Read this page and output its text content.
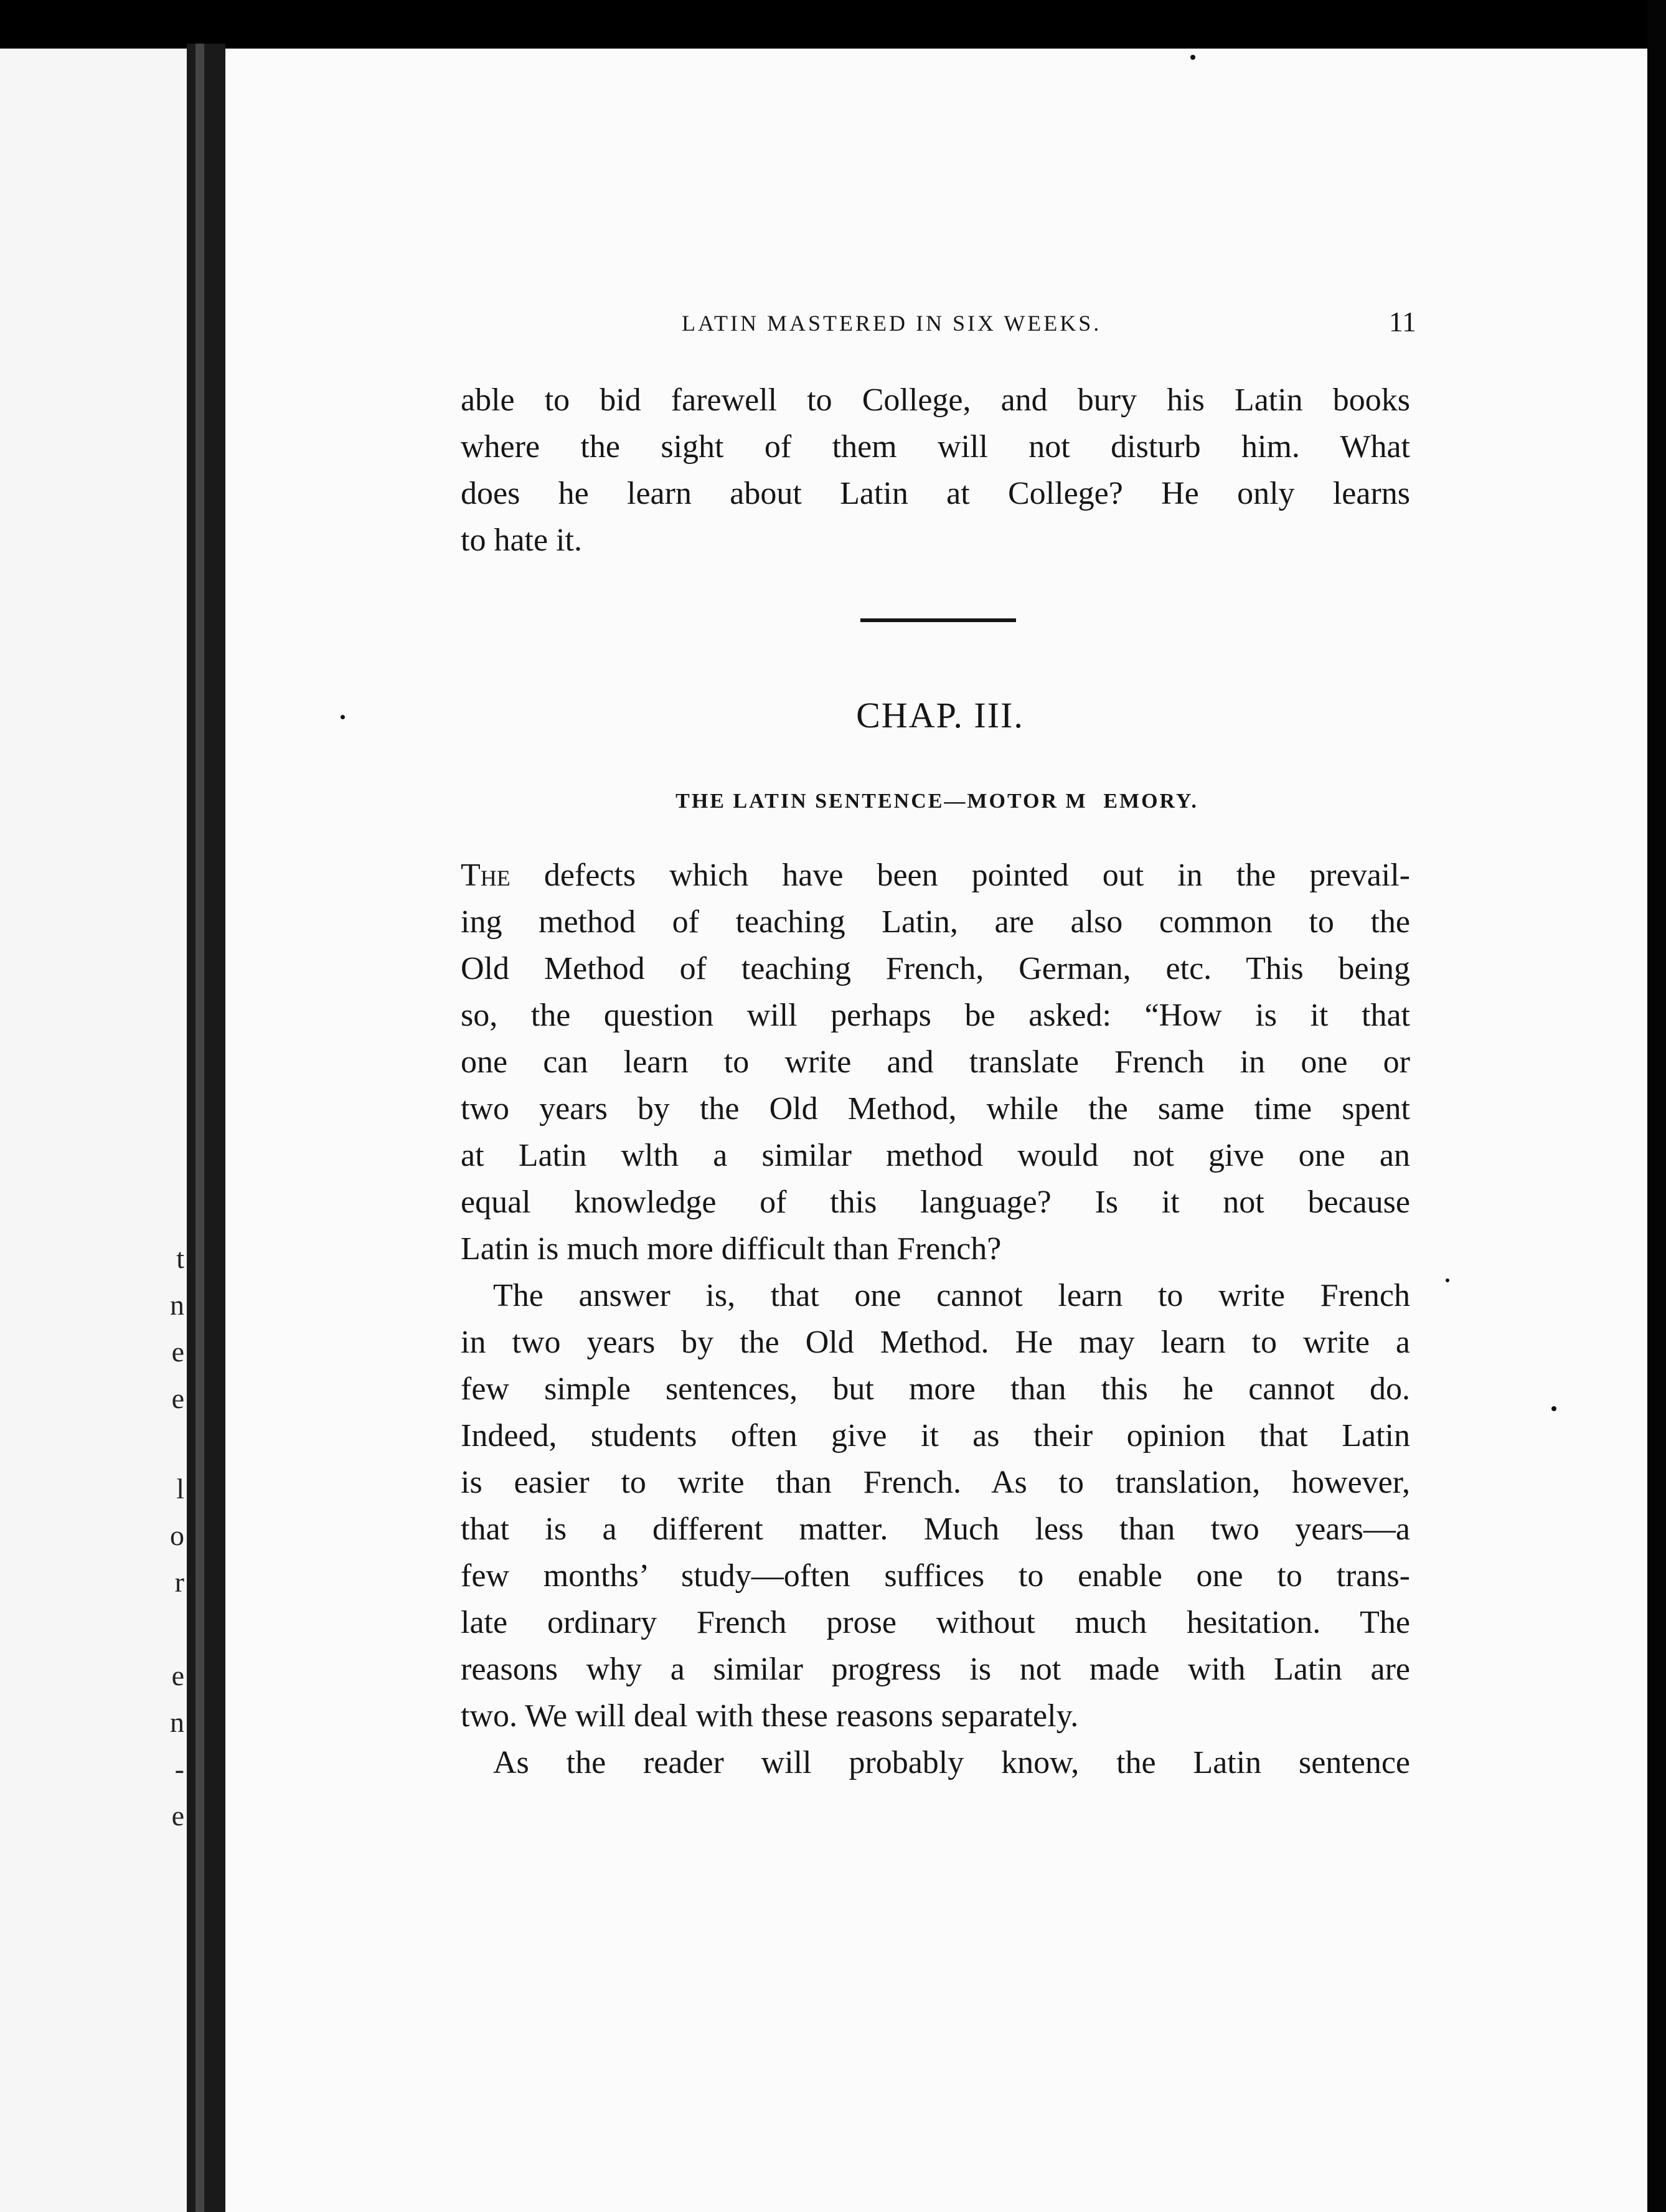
t
n
e
e
l
o
r
e
n
-
e
LATIN MASTERED IN SIX WEEKS.	11
able to bid farewell to College, and bury his Latin books
where the sight of them will not disturb him. What
does he learn about Latin at College? He only learns
to hate it.
CHAP. III.
THE LATIN SENTENCE—MOTOR M EMORY.
The defects which have been pointed out in the prevail-
ing method of teaching Latin, are also common to the
Old Method of teaching French, German, etc. This being
so, the question will perhaps be asked: “How is it that
one can learn to write and translate French in one or
two years by the Old Method, while the same time spent
at Latin wlth a similar method would not give one an
equal knowledge of this language? Is it not because
Latin is much more difficult than French?
The answer is, that one cannot learn to write French
in two years by the Old Method. He may learn to write a
few simple sentences, but more than this he cannot do.
Indeed, students often give it as their opinion that Latin
is easier to write than French. As to translation, however,
that is a different matter. Much less than two years—a
few months’ study—often suffices to enable one to trans-
late ordinary French prose without much hesitation. The
reasons why a similar progress is not made with Latin are
two. We will deal with these reasons separately.
As the reader will probably know, the Latin sentence
